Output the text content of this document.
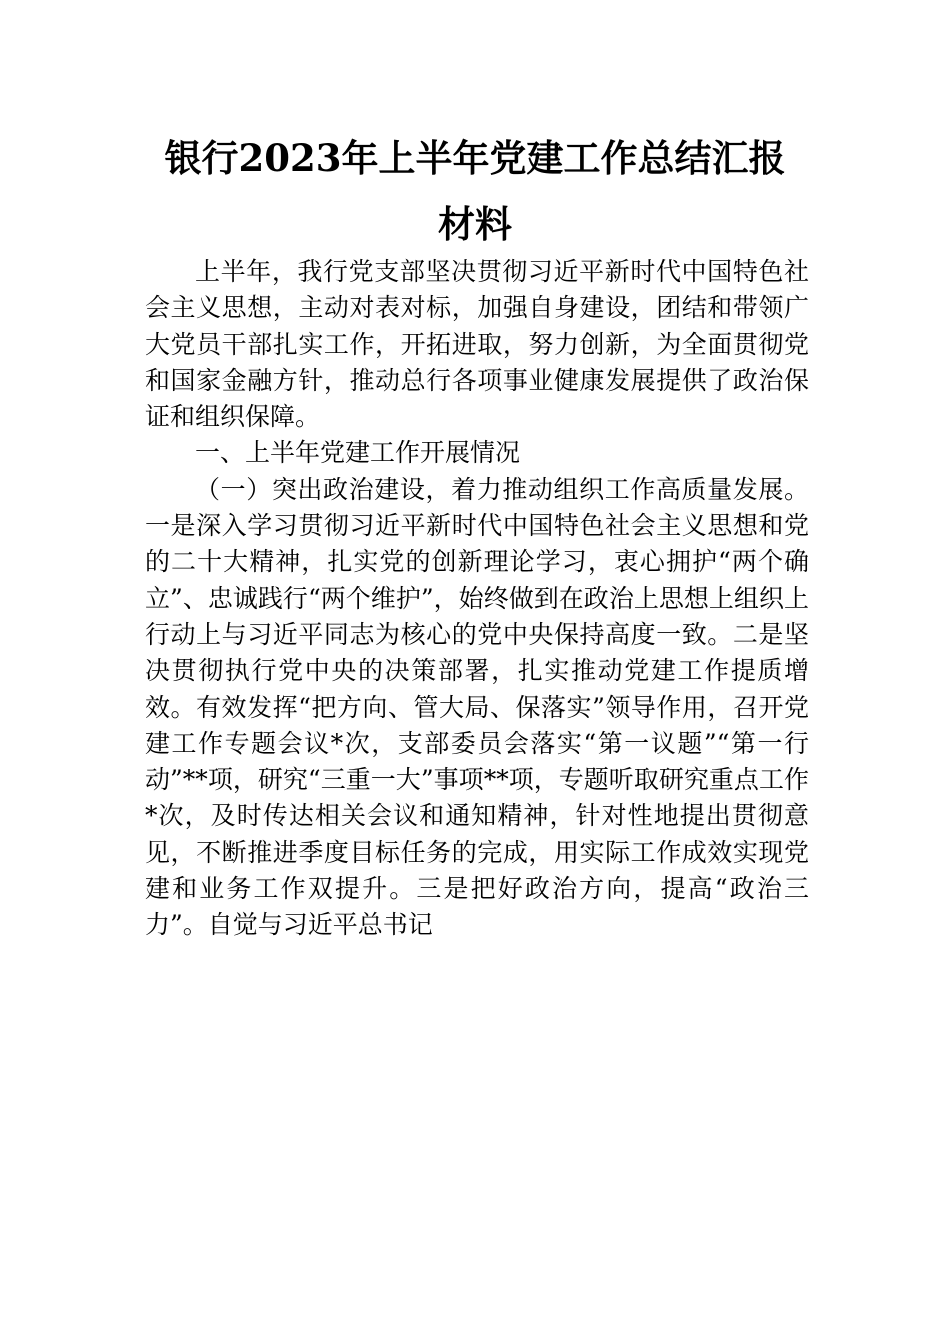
银行2023年上半年党建工作总结汇报
材料

上半年，我行党支部坚决贯彻习近平新时代中国特色社会主义思想，主动对表对标，加强自身建设，团结和带领广大党员干部扎实工作，开拓进取，努力创新，为全面贯彻党和国家金融方针，推动总行各项事业健康发展提供了政治保证和组织保障。

一、上半年党建工作开展情况

（一）突出政治建设，着力推动组织工作高质量发展。一是深入学习贯彻习近平新时代中国特色社会主义思想和党的二十大精神，扎实党的创新理论学习，衷心拥护“两个确立”、忠诚践行“两个维护”，始终做到在政治上思想上组织上行动上与习近平同志为核心的党中央保持高度一致。二是坚决贯彻执行党中央的决策部署，扎实推动党建工作提质增效。有效发挥“把方向、管大局、保落实”领导作用，召开党建工作专题会议*次，支部委员会落实“第一议题”“第一行动”**项，研究“三重一大”事项**项，专题听取研究重点工作*次，及时传达相关会议和通知精神，针对性地提出贯彻意见，不断推进季度目标任务的完成，用实际工作成效实现党建和业务工作双提升。三是把好政治方向，提高“政治三力”。自觉与习近平总书记
